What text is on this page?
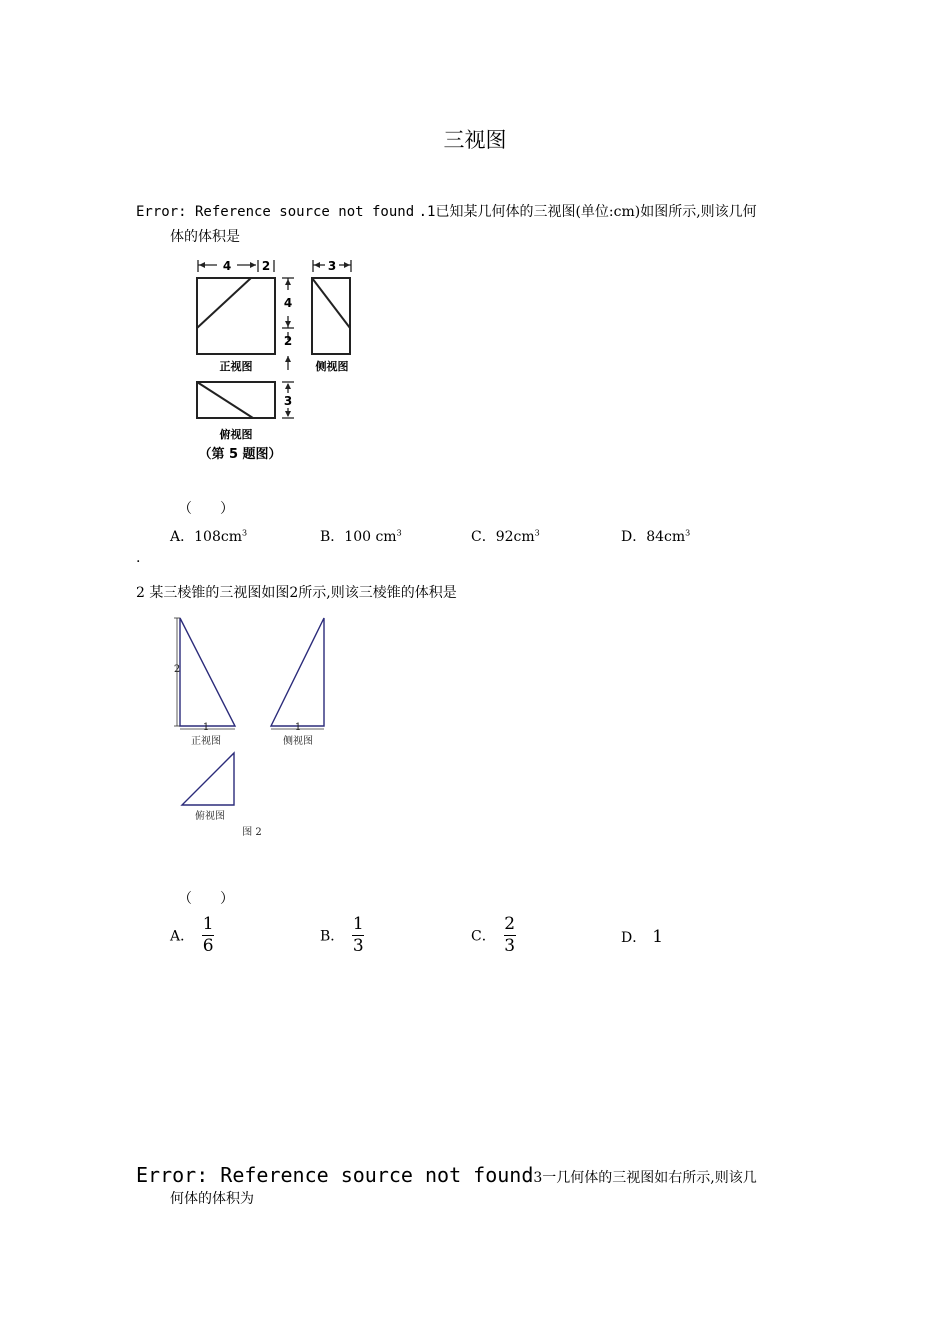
三视图
Error: Reference source not found .1已知某几何体的三视图(单位:cm)如图所示,则该几何
体的体积是
4	2	3
4
2
3
正视图	侧视图
俯视图
（第 5 题图）
（　　）
A．$108cm^3$	B．100 $cm^3$	C．$92cm^3$	D．$84cm^3$
.
2 某三棱锥的三视图如图2所示,则该三棱锥的体积是
2
1	1
正视图	侧视图
俯视图
图 2
（　　）
A． $\frac{1}{6}$	B． $\frac{1}{3}$	C． $\frac{2}{3}$	D． 1
Error: Reference source not found3一几何体的三视图如右所示,则该几
何体的体积为
